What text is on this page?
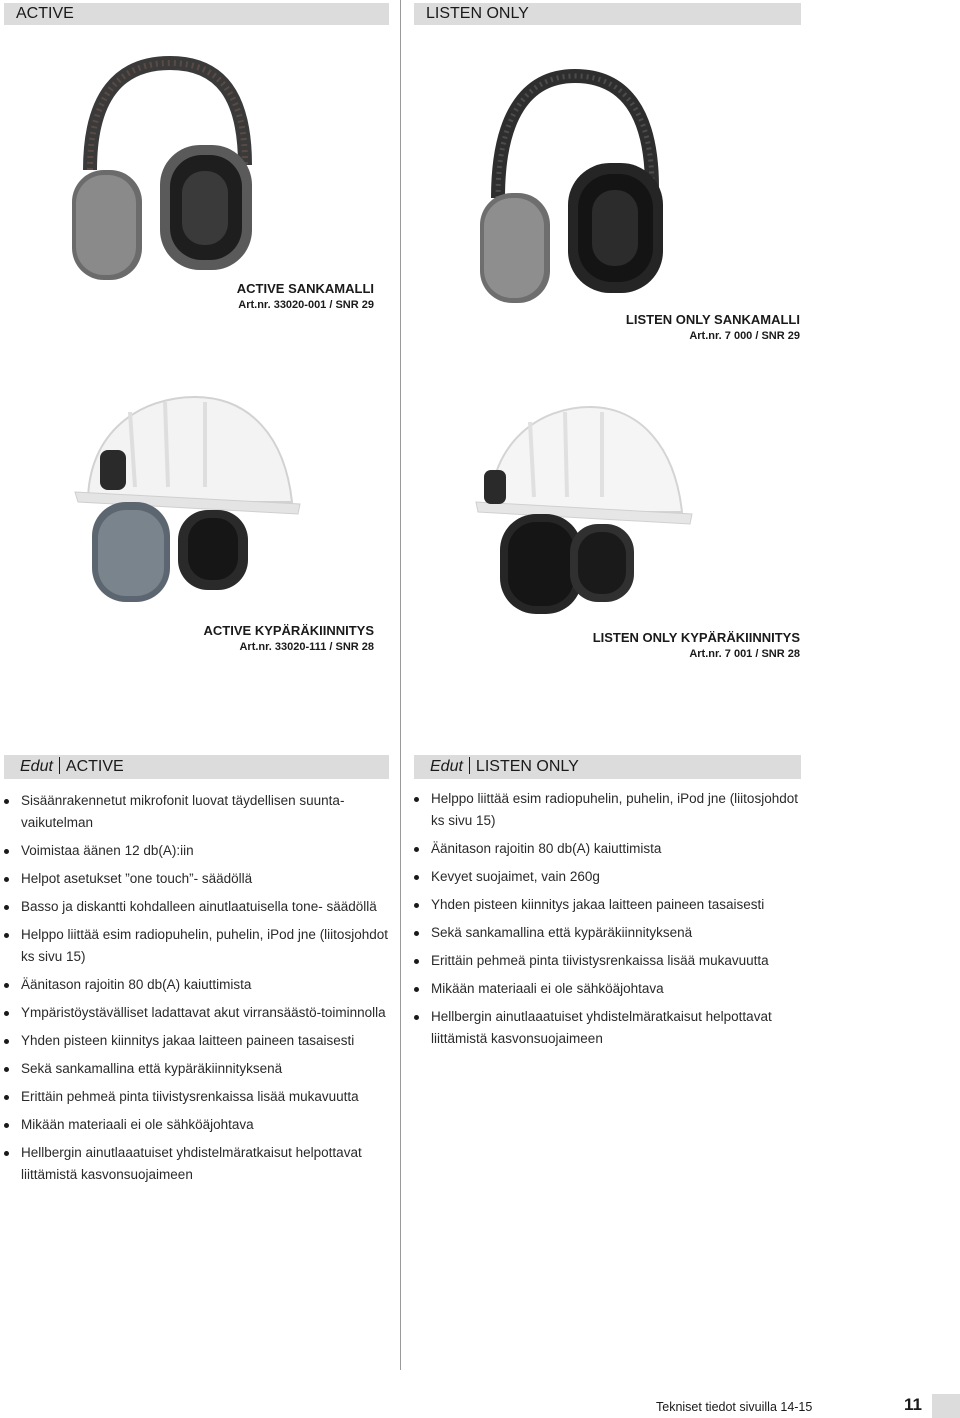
ACTIVE	LISTEN ONLY
ACTIVE SANKAMALLI
Art.nr. 33020-001 / SNR 29
LISTEN ONLY SANKAMALLI
Art.nr. 7 000 / SNR 29
ACTIVE KYPÄRÄKIINNITYS
Art.nr. 33020-111 / SNR 28
LISTEN ONLY KYPÄRÄKIINNITYS
Art.nr. 7 001 / SNR 28
Edut ACTIVE
Sisäänrakennetut mikrofonit luovat täydellisen suunta-vaikutelman
Voimistaa äänen 12 db(A):iin
Helpot asetukset ”one touch”- säädöllä
Basso ja diskantti kohdalleen ainutlaatuisella tone- säädöllä
Helppo liittää esim radiopuhelin, puhelin, iPod jne (liitosjohdot ks sivu 15)
Äänitason rajoitin 80 db(A) kaiuttimista
Ympäristöystävälliset ladattavat akut virransäästö-toiminnolla
Yhden pisteen kiinnitys jakaa laitteen paineen tasaisesti
Sekä sankamallina että kypäräkiinnityksenä
Erittäin pehmeä pinta tiivistysrenkaissa lisää mukavuutta
Mikään materiaali ei ole sähköäjohtava
Hellbergin ainutlaaatuiset yhdistelmäratkaisut helpottavat liittämistä kasvonsuojaimeen
Edut LISTEN ONLY
Helppo liittää esim radiopuhelin, puhelin, iPod jne (liitosjohdot ks sivu 15)
Äänitason rajoitin 80 db(A) kaiuttimista
Kevyet suojaimet, vain 260g
Yhden pisteen kiinnitys jakaa laitteen paineen tasaisesti
Sekä sankamallina että kypäräkiinnityksenä
Erittäin pehmeä pinta tiivistysrenkaissa lisää mukavuutta
Mikään materiaali ei ole sähköäjohtava
Hellbergin ainutlaaatuiset yhdistelmäratkaisut helpottavat liittämistä kasvonsuojaimeen
Tekniset tiedot sivuilla 14-15	11
